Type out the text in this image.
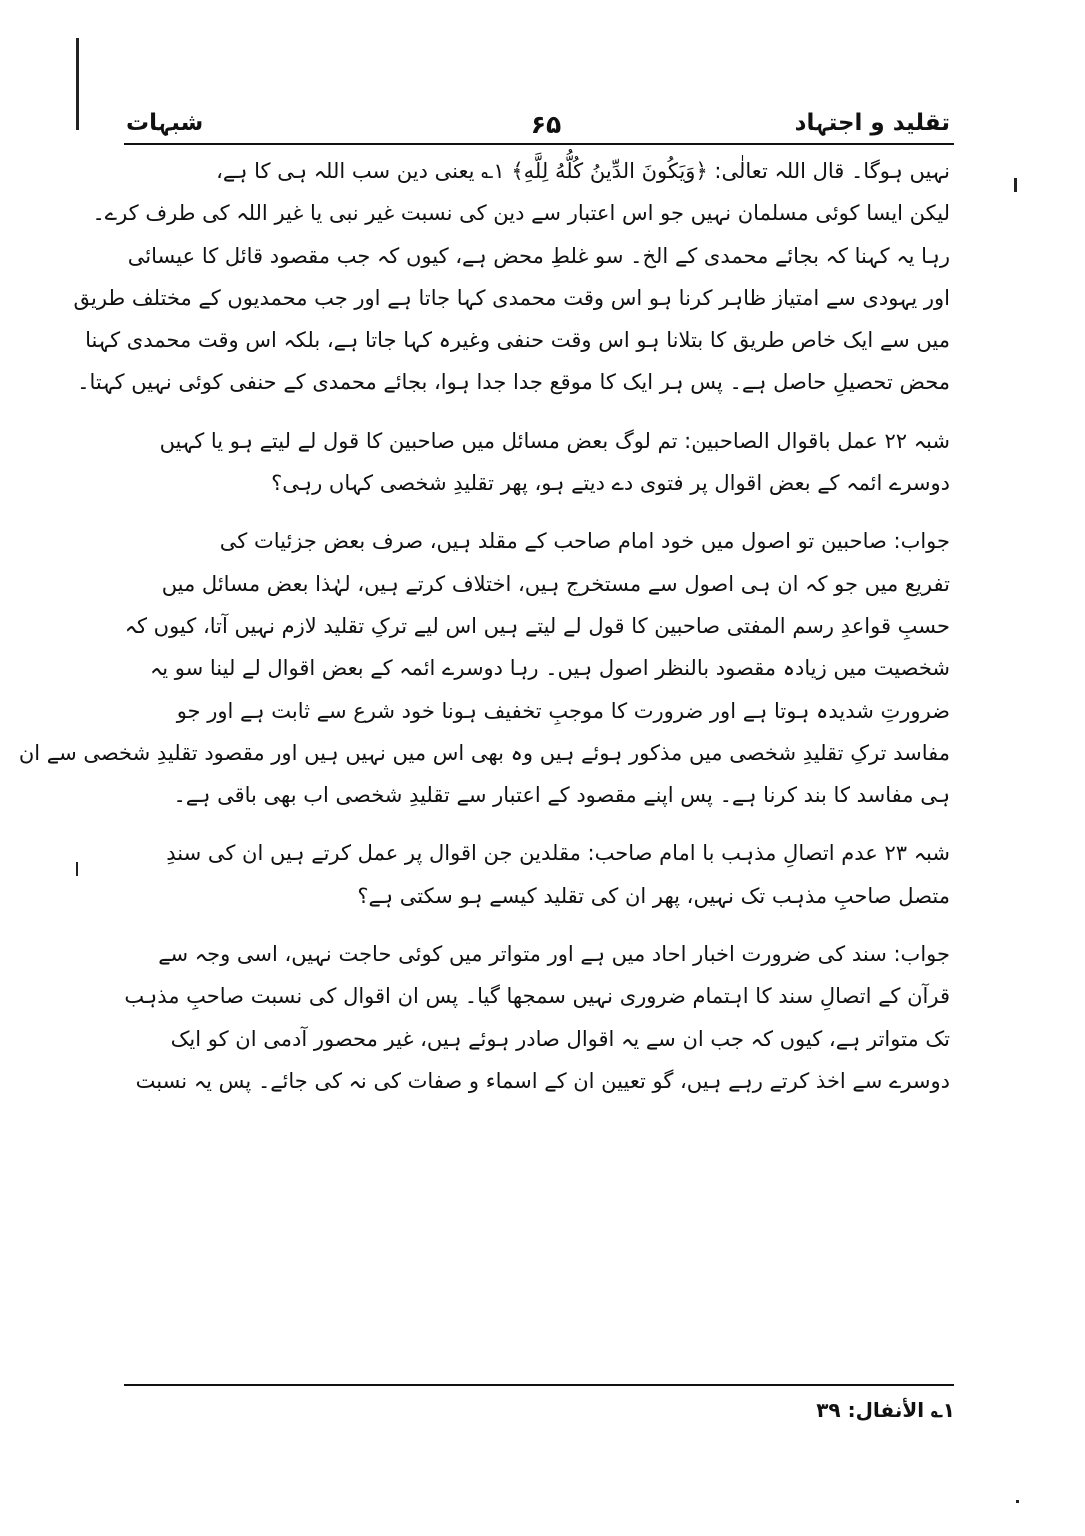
شبہات	۶۵	تقلید و اجتہاد
نہیں ہوگا۔ قال اللہ تعالٰی: ﴿وَيَكُونَ الدِّينُ كُلُّهُ لِلَّهِ﴾ ۱؎ یعنی دین سب اللہ ہی کا ہے،
لیکن ایسا کوئی مسلمان نہیں جو اس اعتبار سے دین کی نسبت غیر نبی یا غیر اللہ کی طرف کرے۔
رہا یہ کہنا کہ بجائے محمدی کے الخ۔ سو غلطِ محض ہے، کیوں کہ جب مقصود قائل کا عیسائی
اور یہودی سے امتیاز ظاہر کرنا ہو اس وقت محمدی کہا جاتا ہے اور جب محمدیوں کے مختلف طریق
میں سے ایک خاص طریق کا بتلانا ہو اس وقت حنفی وغیرہ کہا جاتا ہے، بلکہ اس وقت محمدی کہنا
محض تحصیلِ حاصل ہے۔ پس ہر ایک کا موقع جدا جدا ہوا، بجائے محمدی کے حنفی کوئی نہیں کہتا۔
شبہ ۲۲ عمل باقوال الصاحبین: تم لوگ بعض مسائل میں صاحبین کا قول لے لیتے ہو یا کہیں
دوسرے ائمہ کے بعض اقوال پر فتوی دے دیتے ہو، پھر تقلیدِ شخصی کہاں رہی؟
جواب: صاحبین تو اصول میں خود امام صاحب کے مقلد ہیں، صرف بعض جزئیات کی
تفریع میں جو کہ ان ہی اصول سے مستخرج ہیں، اختلاف کرتے ہیں، لہٰذا بعض مسائل میں
حسبِ قواعدِ رسم المفتی صاحبین کا قول لے لیتے ہیں اس لیے ترکِ تقلید لازم نہیں آتا، کیوں کہ
شخصیت میں زیادہ مقصود بالنظر اصول ہیں۔ رہا دوسرے ائمہ کے بعض اقوال لے لینا سو یہ
ضرورتِ شدیدہ ہوتا ہے اور ضرورت کا موجبِ تخفیف ہونا خود شرع سے ثابت ہے اور جو
مفاسد ترکِ تقلیدِ شخصی میں مذکور ہوئے ہیں وہ بھی اس میں نہیں ہیں اور مقصود تقلیدِ شخصی سے ان
ہی مفاسد کا بند کرنا ہے۔ پس اپنے مقصود کے اعتبار سے تقلیدِ شخصی اب بھی باقی ہے۔
شبہ ۲۳ عدم اتصالِ مذہب با امام صاحب: مقلدین جن اقوال پر عمل کرتے ہیں ان کی سندِ
متصل صاحبِ مذہب تک نہیں، پھر ان کی تقلید کیسے ہو سکتی ہے؟
جواب: سند کی ضرورت اخبار احاد میں ہے اور متواتر میں کوئی حاجت نہیں، اسی وجہ سے
قرآن کے اتصالِ سند کا اہتمام ضروری نہیں سمجھا گیا۔ پس ان اقوال کی نسبت صاحبِ مذہب
تک متواتر ہے، کیوں کہ جب ان سے یہ اقوال صادر ہوئے ہیں، غیر محصور آدمی ان کو ایک
دوسرے سے اخذ کرتے رہے ہیں، گو تعیین ان کے اسماء و صفات کی نہ کی جائے۔ پس یہ نسبت
۱؎ الأنفال: ۳۹
